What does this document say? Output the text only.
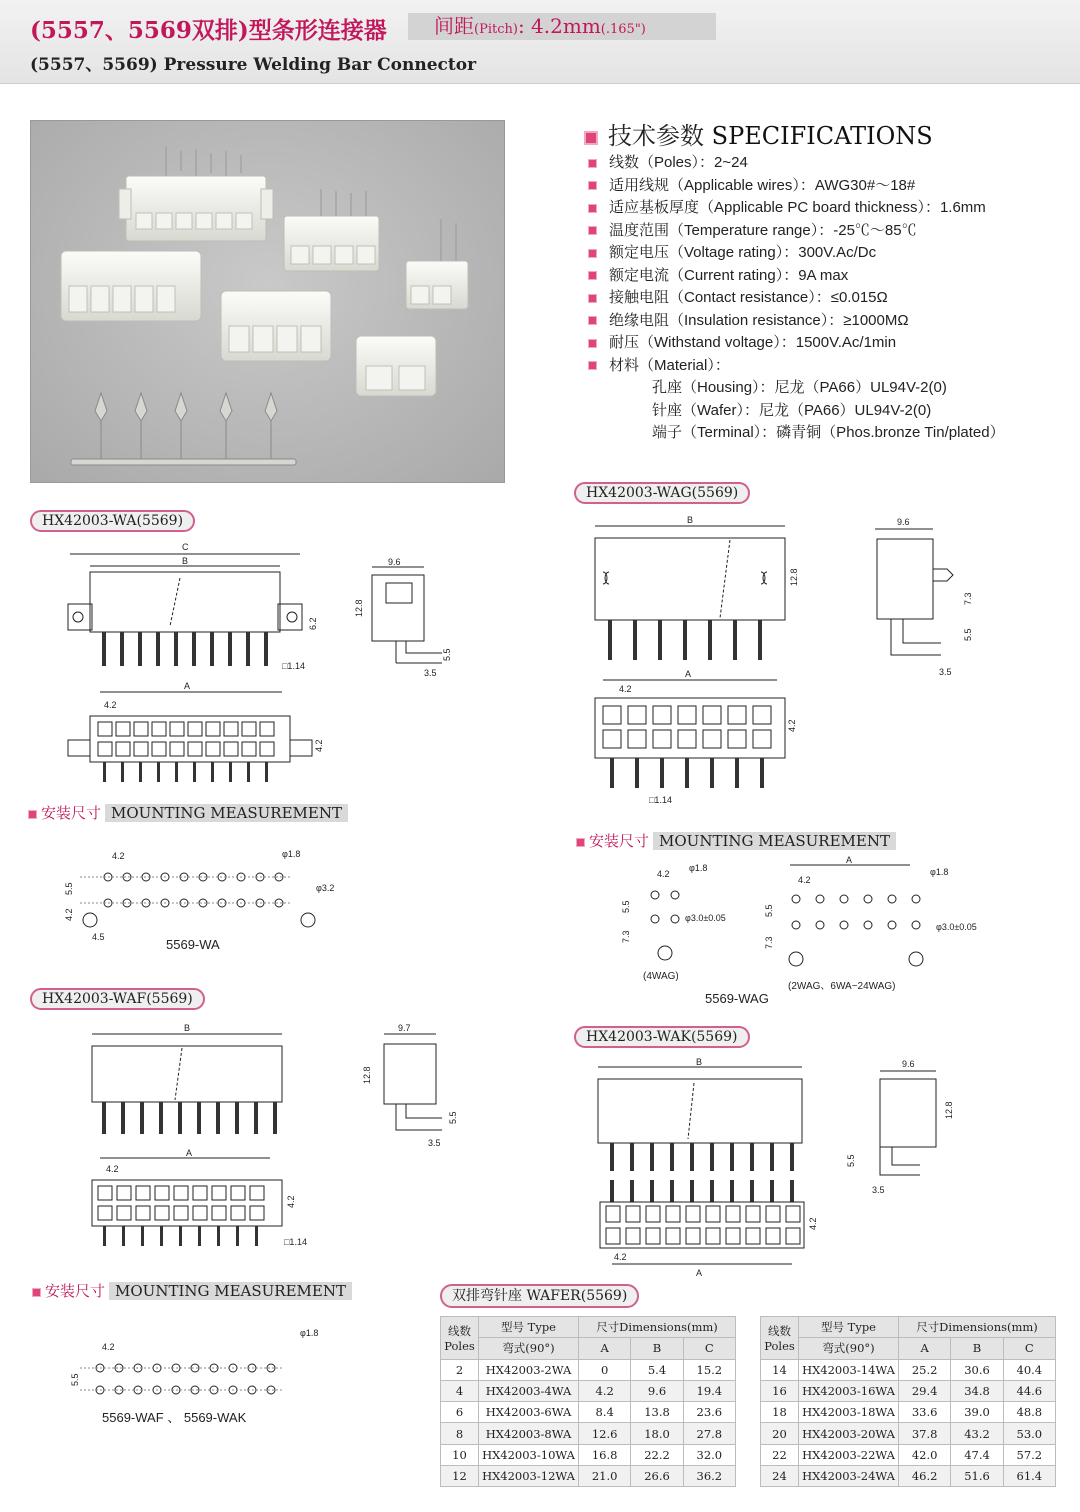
(5557、5569双排)型条形连接器	间距(Pitch): 4.2mm(.165")
(5557、5569) Pressure Welding Bar Connector
技术参数 SPECIFICATIONS
线数（Poles）：2~24
适用线规（Applicable wires）：AWG30#～18#
适应基板厚度（Applicable PC board thickness）：1.6mm
温度范围（Temperature range）：-25℃～85℃
额定电压（Voltage rating）：300V.Ac/Dc
额定电流（Current rating）：9A max
接触电阻（Contact resistance）：≤0.015Ω
绝缘电阻（Insulation resistance）：≥1000MΩ
耐压（Withstand voltage）：1500V.Ac/1min
材料（Material）：
孔座（Housing）：尼龙（PA66）UL94V-2(0)
针座（Wafer）：尼龙（PA66）UL94V-2(0)
端子（Terminal）：磷青铜（Phos.bronze Tin/plated）
HX42003-WA(5569)
HX42003-WAG(5569)
HX42003-WAF(5569)
HX42003-WAK(5569)
安装尺寸 MOUNTING MEASUREMENT
安装尺寸 MOUNTING MEASUREMENT
安装尺寸 MOUNTING MEASUREMENT
C
B
6.2
□1.14
9.6
12.8
5.5
3.5
A
4.2
4.2
4.2	φ1.8
φ3.2
5.5
4.2
4.5	5569-WA
B
12.8
9.6
7.3
5.5
3.5
A
4.2
4.2
□1.14
4.2
φ1.8
φ3.0±0.05
5.5
7.3
(4WAG)
5569-WAG
A
4.2
φ1.8
φ3.0±0.05
5.5
7.3
(2WAG、6WA~24WAG)
B	9.7
12.8
5.5
3.5
A
4.2
4.2
□1.14
B	9.6
12.8
5.5
3.5
4.2
4.2
A
4.2
φ1.8
5.5
5569-WAF 、 5569-WAK
双排弯针座 WAFER(5569)
线数
Poles	型号 Type	尺寸Dimensions(mm)		
	弯式(90°)	A	B	C
2	HX42003-2WA	0	5.4	15.2
4	HX42003-4WA	4.2	9.6	19.4
6	HX42003-6WA	8.4	13.8	23.6
8	HX42003-8WA	12.6	18.0	27.8
10	HX42003-10WA	16.8	22.2	32.0
12	HX42003-12WA	21.0	26.6	36.2
线数
Poles	型号 Type	尺寸Dimensions(mm)		
	弯式(90°)	A	B	C
14	HX42003-14WA	25.2	30.6	40.4
16	HX42003-16WA	29.4	34.8	44.6
18	HX42003-18WA	33.6	39.0	48.8
20	HX42003-20WA	37.8	43.2	53.0
22	HX42003-22WA	42.0	47.4	57.2
24	HX42003-24WA	46.2	51.6	61.4
